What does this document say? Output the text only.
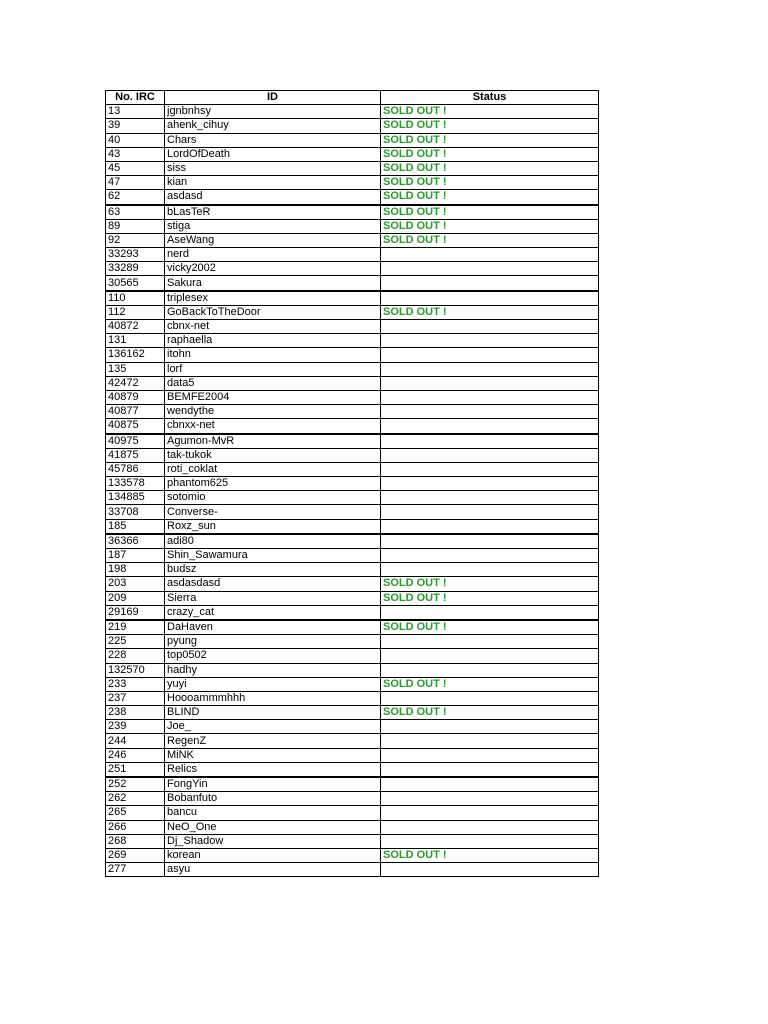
No. IRC	ID	Status
13	jgnbnhsy	SOLD OUT !
39	ahenk_cihuy	SOLD OUT !
40	Chars	SOLD OUT !
43	LordOfDeath	SOLD OUT !
45	siss	SOLD OUT !
47	kian	SOLD OUT !
62	asdasd	SOLD OUT !
63	bLasTeR	SOLD OUT !
89	stiga	SOLD OUT !
92	AseWang	SOLD OUT !
33293	nerd	
33289	vicky2002	
30565	Sakura	
110	triplesex	
112	GoBackToTheDoor	SOLD OUT !
40872	cbnx-net	
131	raphaella	
136162	itohn	
135	lorf	
42472	data5	
40879	BEMFE2004	
40877	wendythe	
40875	cbnxx-net	
40975	Agumon-MvR	
41875	tak-tukok	
45786	roti_coklat	
133578	phantom625	
134885	sotomio	
33708	Converse-	
185	Roxz_sun	
36366	adi80	
187	Shin_Sawamura	
198	budsz	
203	asdasdasd	SOLD OUT !
209	Sierra	SOLD OUT !
29169	crazy_cat	
219	DaHaven	SOLD OUT !
225	pyung	
228	top0502	
132570	hadhy	
233	yuyi	SOLD OUT !
237	Hoooammmhhh	
238	BLIND	SOLD OUT !
239	Joe_	
244	RegenZ	
246	MiNK	
251	Relics	
252	FongYin	
262	Bobanfuto	
265	bancu	
266	NeO_One	
268	Dj_Shadow	
269	korean	SOLD OUT !
277	asyu	
